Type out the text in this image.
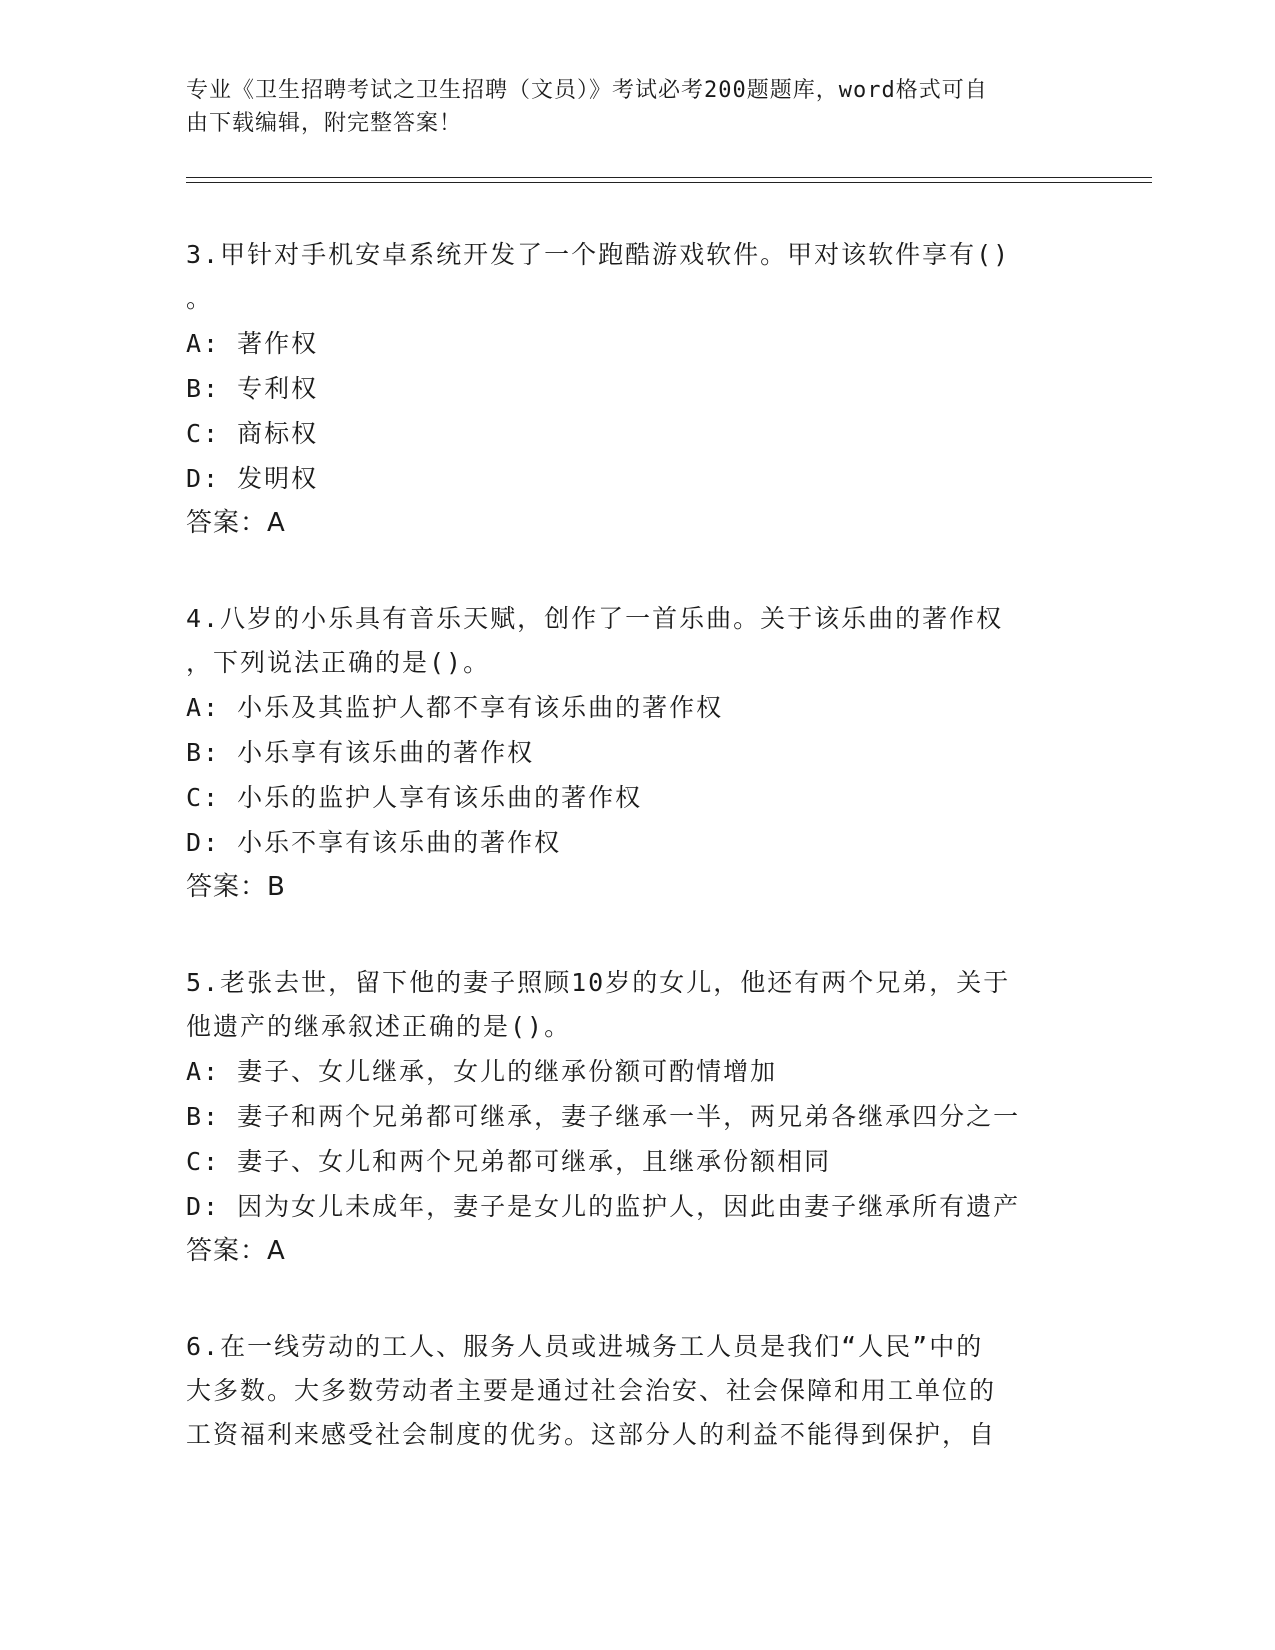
专业《卫生招聘考试之卫生招聘（文员）》考试必考200题题库，word格式可自
由下载编辑，附完整答案！
3.甲针对手机安卓系统开发了一个跑酷游戏软件。甲对该软件享有()
。
A: 著作权
B: 专利权
C: 商标权
D: 发明权
答案：A
4.八岁的小乐具有音乐天赋，创作了一首乐曲。关于该乐曲的著作权
，下列说法正确的是()。
A: 小乐及其监护人都不享有该乐曲的著作权
B: 小乐享有该乐曲的著作权
C: 小乐的监护人享有该乐曲的著作权
D: 小乐不享有该乐曲的著作权
答案：B
5.老张去世，留下他的妻子照顾10岁的女儿，他还有两个兄弟，关于
他遗产的继承叙述正确的是()。
A: 妻子、女儿继承，女儿的继承份额可酌情增加
B: 妻子和两个兄弟都可继承，妻子继承一半，两兄弟各继承四分之一
C: 妻子、女儿和两个兄弟都可继承，且继承份额相同
D: 因为女儿未成年，妻子是女儿的监护人，因此由妻子继承所有遗产
答案：A
6.在一线劳动的工人、服务人员或进城务工人员是我们“人民”中的
大多数。大多数劳动者主要是通过社会治安、社会保障和用工单位的
工资福利来感受社会制度的优劣。这部分人的利益不能得到保护，自
